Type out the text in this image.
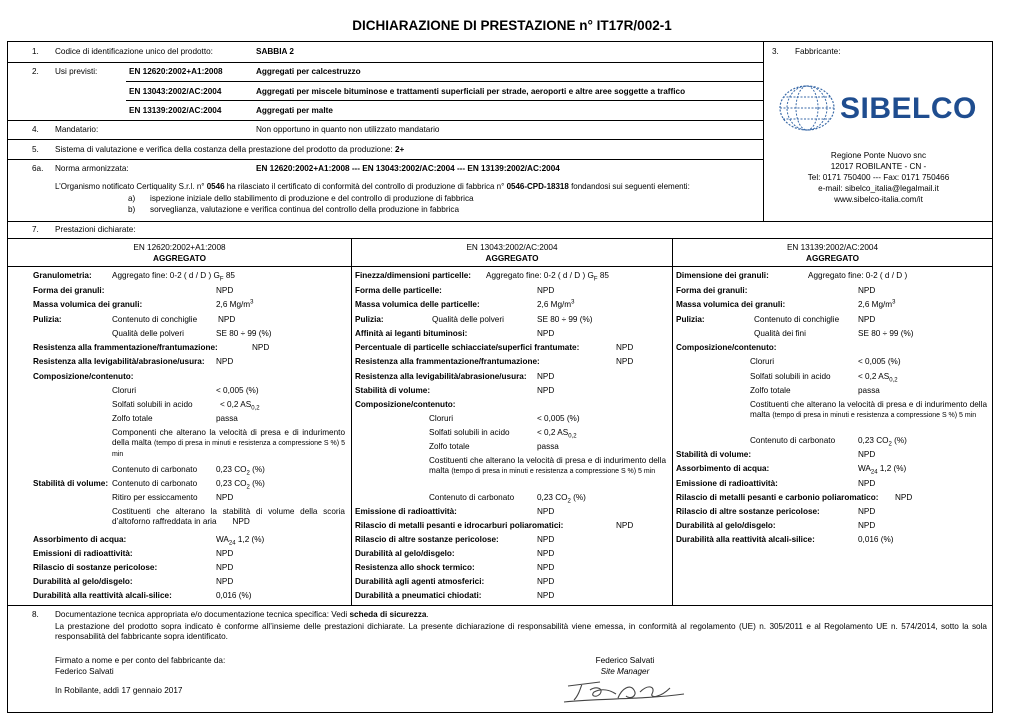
DICHIARAZIONE DI PRESTAZIONE n° IT17R/002-1
1. Codice di identificazione unico del prodotto:	SABBIA 2
2. Usi previsti:	EN 12620:2002+A1:2008	Aggregati per calcestruzzo
EN 13043:2002/AC:2004	Aggregati per miscele bituminose e trattamenti superficiali per strade, aeroporti e altre aree soggette a traffico
EN 13139:2002/AC:2004	Aggregati per malte
3. Fabbricante:
SIBELCO
Regione Ponte Nuovo snc
12017 ROBILANTE - CN -
Tel: 0171 750400 --- Fax: 0171 750466
e-mail: sibelco_italia@legalmail.it
www.sibelco-italia.com/it
4. Mandatario:	Non opportuno in quanto non utilizzato mandatario
5. Sistema di valutazione e verifica della costanza della prestazione del prodotto da produzione: 2+
6a. Norma armonizzata:	EN 12620:2002+A1:2008 --- EN 13043:2002/AC:2004 --- EN 13139:2002/AC:2004
L’Organismo notificato Certiquality S.r.l. n° 0546 ha rilasciato il certificato di conformità del controllo di produzione di fabbrica n° 0546-CPD-18318 fondandosi sui seguenti elementi:
a) ispezione iniziale dello stabilimento di produzione e del controllo di produzione di fabbrica
b) sorveglianza, valutazione e verifica continua del controllo della produzione in fabbrica
7. Prestazioni dichiarate:
EN 12620:2002+A1:2008
AGGREGATO
Granulometria: Aggregato fine: 0-2 ( d / D ) $G_F$ 85
Forma dei granuli:	NPD
Massa volumica dei granuli:	2,6 $Mg/m^3$
Pulizia:	Contenuto di conchiglie	NPD
Qualità delle polveri	SE 80 ÷ 99 (%)
Resistenza alla frammentazione/frantumazione:	NPD
Resistenza alla levigabilità/abrasione/usura: NPD
Composizione/contenuto:
Cloruri	< 0,005 (%)
Solfati solubili in acido	< 0,2 $AS_{0,2}$
Zolfo totale	passa
Componenti che alterano la velocità di presa e di indurimento della malta (tempo di presa in minuti e resistenza a compressione S %) 5 min
Contenuto di carbonato 0,23 $CO_2$ (%)
Stabilità di volume: Contenuto di carbonato 0,23 $CO_2$ (%)
Ritiro per essiccamento NPD
Costituenti che alterano la stabilità di volume della scoria d’altoforno raffreddata in aria NPD
Assorbimento di acqua:	$WA_{24}$ 1,2 (%)
Emissioni di radioattività:	NPD
Rilascio di sostanze pericolose:	NPD
Durabilità al gelo/disgelo:	NPD
Durabilità alla reattività alcali-silice:	0,016 (%)
EN 13043:2002/AC:2004
AGGREGATO
Finezza/dimensioni particelle: Aggregato fine: 0-2 ( d / D ) $G_F$ 85
Forma delle particelle:	NPD
Massa volumica delle particelle:	2,6 $Mg/m^3$
Pulizia:	Qualità delle polveri	SE 80 ÷ 99 (%)
Affinità ai leganti bituminosi:	NPD
Percentuale di particelle schiacciate/superfici frantumate:	NPD
Resistenza alla frammentazione/frantumazione:	NPD
Resistenza alla levigabilità/abrasione/usura: NPD
Stabilità di volume:	NPD
Composizione/contenuto:
Cloruri	< 0,005 (%)
Solfati solubili in acido	< 0,2 $AS_{0,2}$
Zolfo totale	passa
Costituenti che alterano la velocità di presa e di indurimento della malta (tempo di presa in minuti e resistenza a compressione S %) 5 min
Contenuto di carbonato	0,23 $CO_2$ (%)
Emissione di radioattività:	NPD
Rilascio di metalli pesanti e idrocarburi poliaromatici:	NPD
Rilascio di altre sostanze pericolose:	NPD
Durabilità al gelo/disgelo:	NPD
Resistenza allo shock termico:	NPD
Durabilità agli agenti atmosferici:	NPD
Durabilità a pneumatici chiodati:	NPD
EN 13139:2002/AC:2004
AGGREGATO
Dimensione dei granuli:	Aggregato fine: 0-2 ( d / D )
Forma dei granuli:	NPD
Massa volumica dei granuli:	2,6 $Mg/m^3$
Pulizia:	Contenuto di conchiglie NPD
Qualità dei fini	SE 80 ÷ 99 (%)
Composizione/contenuto:
Cloruri	< 0,005 (%)
Solfati solubili in acido	< 0,2 $AS_{0,2}$
Zolfo totale	passa
Costituenti che alterano la velocità di presa e di indurimento della malta (tempo di presa in minuti e resistenza a compressione S %) 5 min
Contenuto di carbonato	0,23 $CO_2$ (%)
Stabilità di volume:	NPD
Assorbimento di acqua:	$WA_{24}$ 1,2 (%)
Emissione di radioattività:	NPD
Rilascio di metalli pesanti e carbonio poliaromatico: NPD
Rilascio di altre sostanze pericolose:	NPD
Durabilità al gelo/disgelo:	NPD
Durabilità alla reattività alcali-silice:	0,016 (%)
8. Documentazione tecnica appropriata e/o documentazione tecnica specifica: Vedi scheda di sicurezza.
La prestazione del prodotto sopra indicato è conforme all’insieme delle prestazioni dichiarate. La presente dichiarazione di responsabilità viene emessa, in conformità al regolamento (UE) n. 305/2011 e al Regolamento UE n. 574/2014, sotto la sola responsabilità del fabbricante sopra identificato.
Firmato a nome e per conto del fabbricante da:
Federico Salvati
In Robilante, addì 17 gennaio 2017
Federico Salvati
Site Manager
